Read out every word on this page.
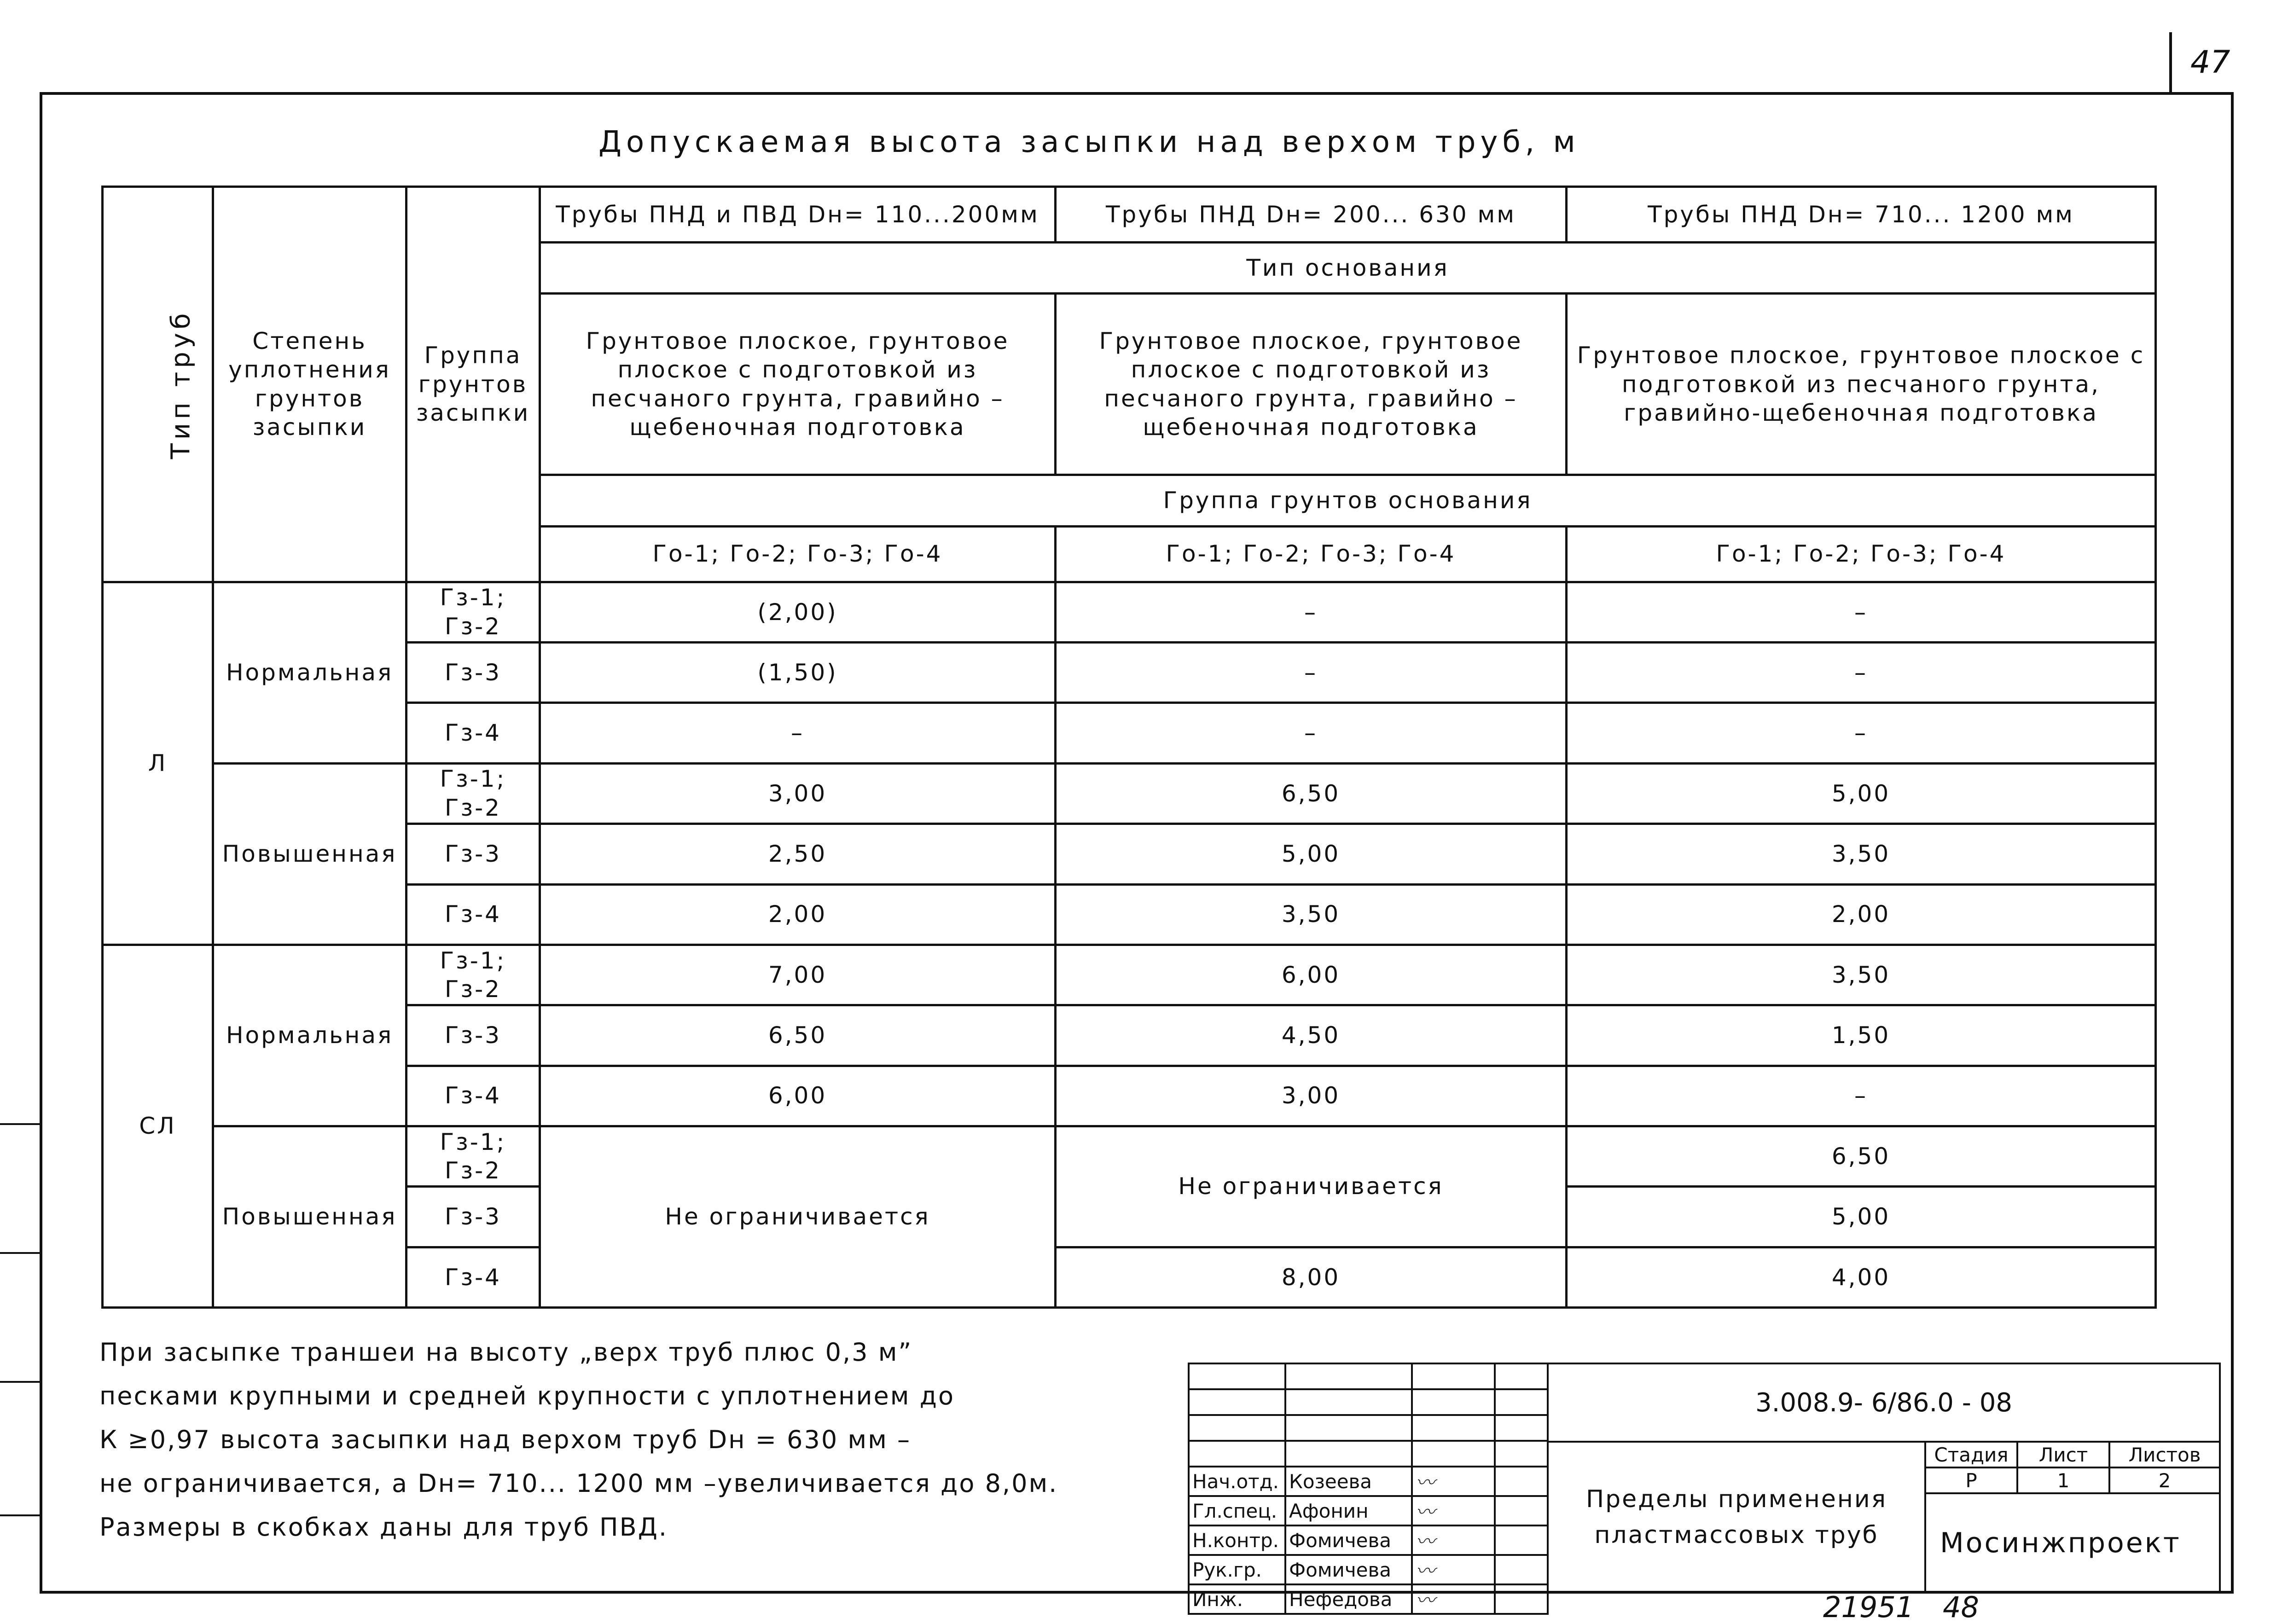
47
Допускаемая высота засыпки над верхом труб, м
Тип труб	Степень уплотнения грунтов засыпки	Группа грунтов засыпки	Трубы ПНД и ПВД Dн= 110...200мм	Трубы ПНД Dн= 200... 630 мм	Трубы ПНД Dн= 710... 1200 мм
			Тип основания		
			Грунтовое плоское, грунтовое плоское с подготовкой из песчаного грунта, гравийно – щебеночная подготовка	Грунтовое плоское, грунтовое плоское с подготовкой из песчаного грунта, гравийно – щебеночная подготовка	Грунтовое плоское, грунтовое плоское с подготовкой из песчаного грунта, гравийно-щебеночная подготовка
			Группа грунтов основания		
			Го-1; Го-2; Го-3; Го-4	Го-1; Го-2; Го-3; Го-4	Го-1; Го-2; Го-3; Го-4
Л	Нормальная	Гз-1; Гз-2	(2,00)	–	–
		Гз-3	(1,50)	–	–
		Гз-4	–	–	–
	Повышенная	Гз-1; Гз-2	3,00	6,50	5,00
		Гз-3	2,50	5,00	3,50
		Гз-4	2,00	3,50	2,00
СЛ	Нормальная	Гз-1; Гз-2	7,00	6,00	3,50
		Гз-3	6,50	4,50	1,50
		Гз-4	6,00	3,00	–
	Повышенная	Гз-1; Гз-2	Не ограничивается	Не ограничивается	6,50
		Гз-3			5,00
		Гз-4		8,00	4,00
При засыпке траншеи на высоту „верх труб плюс 0,3 м”
песками крупными и средней крупности с уплотнением до
К ≥0,97 высота засыпки над верхом труб Dн = 630 мм –
не ограничивается, а Dн= 710... 1200 мм –увеличивается до 8,0м.
Размеры в скобках даны для труб ПВД.

Нач.отд.	Козеева	〰	
Гл.спец.	Афонин	〰	
Н.контр.	Фомичева	〰	
Рук.гр.	Фомичева	〰	
Инж.	Нефедова	〰	
3.008.9- 6/86.0 - 08			

Пределы применения
пластмассовых труб	Стадия	Лист	Листов
	Р	1	2
	Мосинжпроект		
21951 48
